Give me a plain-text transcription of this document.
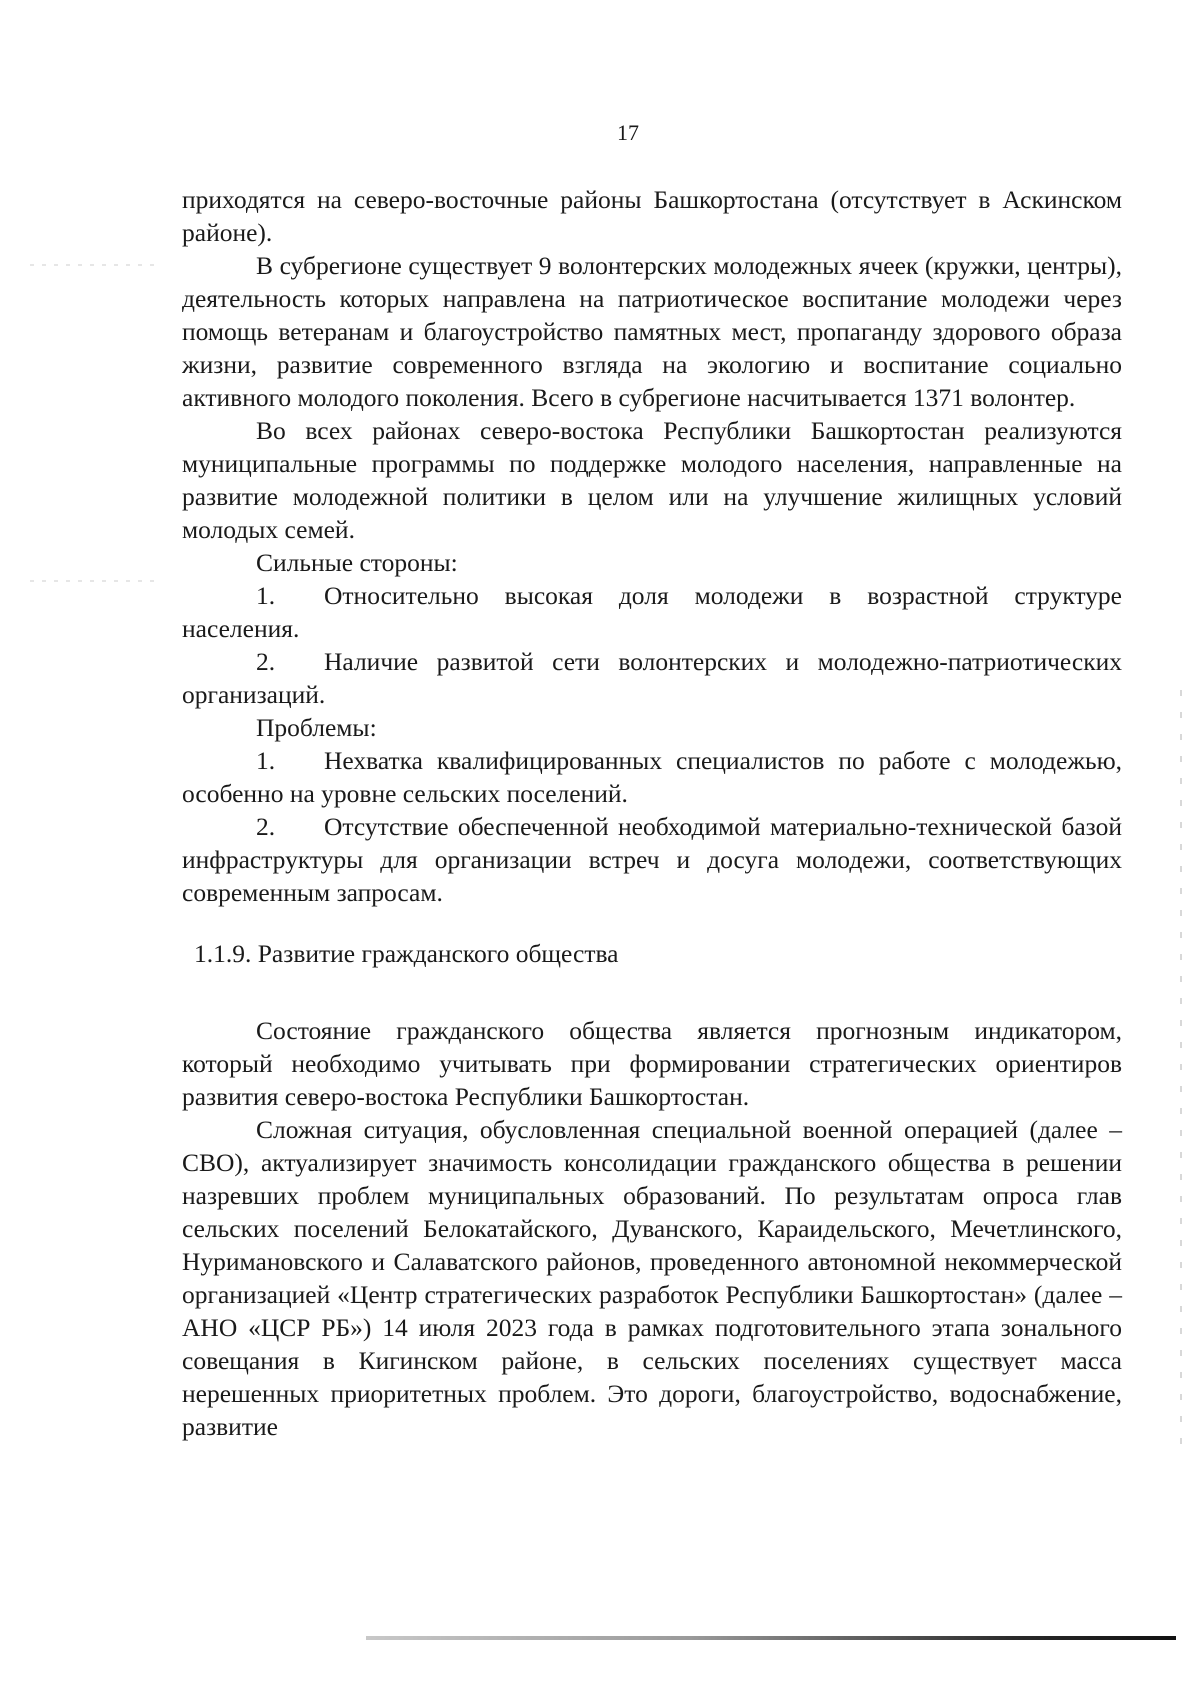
17

приходятся на северо-восточные районы Башкортостана (отсутствует в Аскинском районе).

В субрегионе существует 9 волонтерских молодежных ячеек (кружки, центры), деятельность которых направлена на патриотическое воспитание молодежи через помощь ветеранам и благоустройство памятных мест, пропаганду здорового образа жизни, развитие современного взгляда на экологию и воспитание социально активного молодого поколения. Всего в субрегионе насчитывается 1371 волонтер.

Во всех районах северо-востока Республики Башкортостан реализуются муниципальные программы по поддержке молодого населения, направленные на развитие молодежной политики в целом или на улучшение жилищных условий молодых семей.

Сильные стороны:

1. Относительно высокая доля молодежи в возрастной структуре населения.

2. Наличие развитой сети волонтерских и молодежно-патриотических организаций.

Проблемы:

1. Нехватка квалифицированных специалистов по работе с молодежью, особенно на уровне сельских поселений.

2. Отсутствие обеспеченной необходимой материально-технической базой инфраструктуры для организации встреч и досуга молодежи, соответствующих современным запросам.

1.1.9. Развитие гражданского общества

Состояние гражданского общества является прогнозным индикатором, который необходимо учитывать при формировании стратегических ориентиров развития северо-востока Республики Башкортостан.

Сложная ситуация, обусловленная специальной военной операцией (далее – СВО), актуализирует значимость консолидации гражданского общества в решении назревших проблем муниципальных образований. По результатам опроса глав сельских поселений Белокатайского, Дуванского, Караидельского, Мечетлинского, Нуримановского и Салаватского районов, проведенного автономной некоммерческой организацией «Центр стратегических разработок Республики Башкортостан» (далее – АНО «ЦСР РБ») 14 июля 2023 года в рамках подготовительного этапа зонального совещания в Кигинском районе, в сельских поселениях существует масса нерешенных приоритетных проблем. Это дороги, благоустройство, водоснабжение, развитие
